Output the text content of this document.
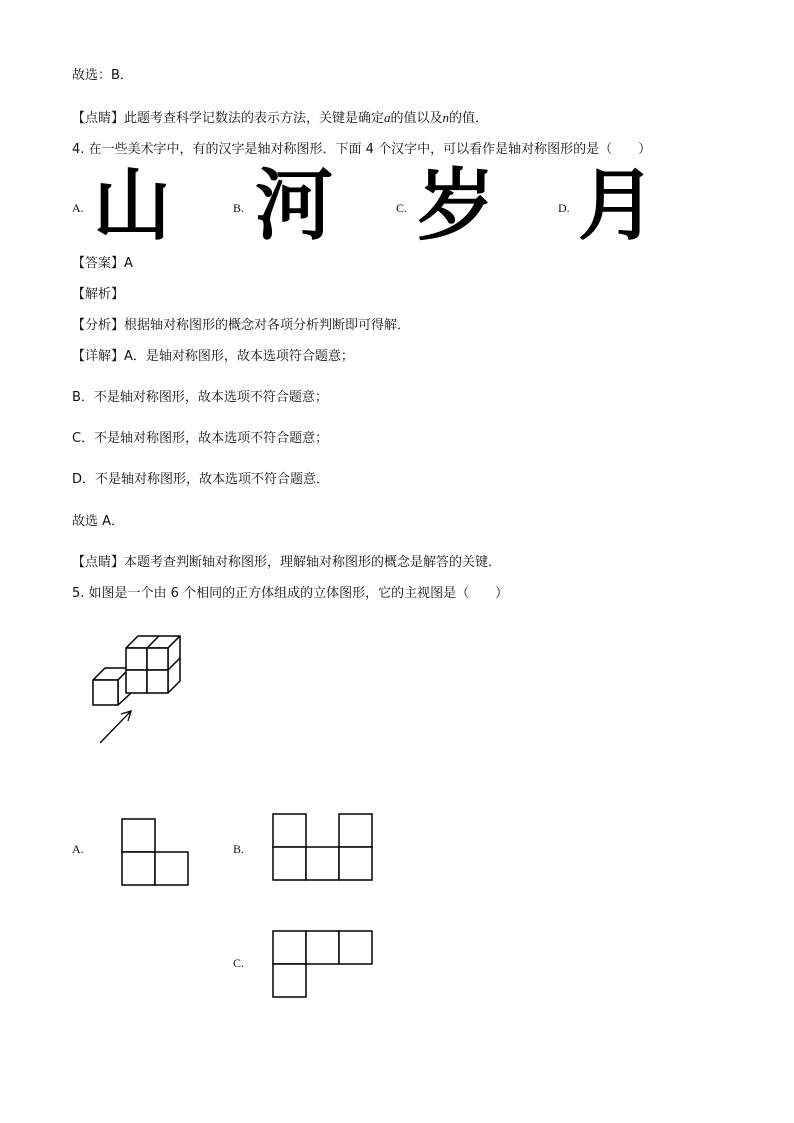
故选：B．
【点睛】此题考查科学记数法的表示方法，关键是确定a的值以及n的值．
4. 在一些美术字中，有的汉字是轴对称图形．下面 4 个汉字中，可以看作是轴对称图形的是（　　）
A. 山	B. 河	C. 岁	D. 月
【答案】A
【解析】
【分析】根据轴对称图形的概念对各项分析判断即可得解．
【详解】A．是轴对称图形，故本选项符合题意；
B．不是轴对称图形，故本选项不符合题意；
C．不是轴对称图形，故本选项不符合题意；
D．不是轴对称图形，故本选项不符合题意．
故选 A．
【点睛】本题考查判断轴对称图形，理解轴对称图形的概念是解答的关键．
5. 如图是一个由 6 个相同的正方体组成的立体图形，它的主视图是（　　）
A.	B.
C.
